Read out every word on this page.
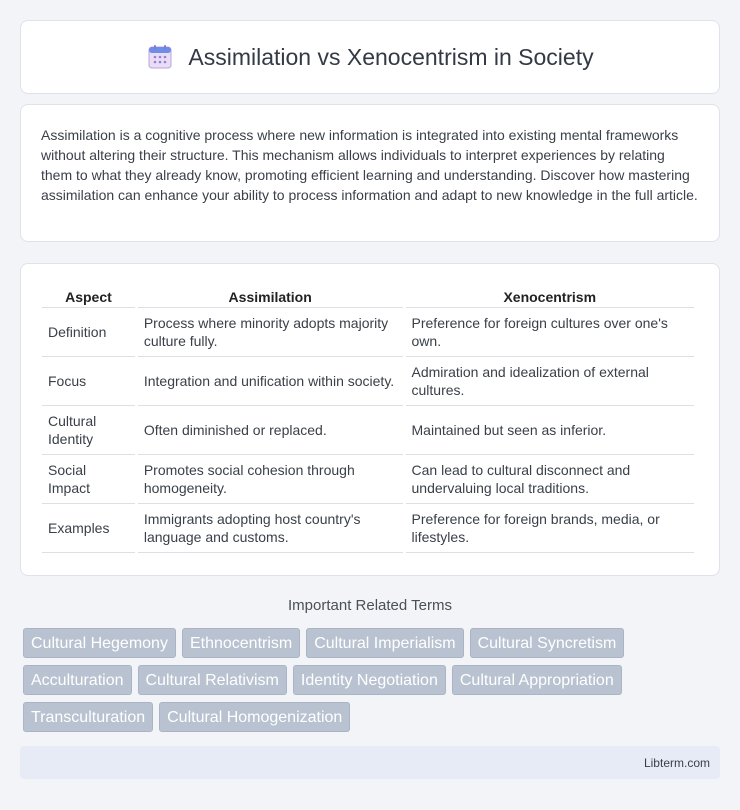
Assimilation vs Xenocentrism in Society

Assimilation is a cognitive process where new information is integrated into existing mental frameworks without altering their structure. This mechanism allows individuals to interpret experiences by relating them to what they already know, promoting efficient learning and understanding. Discover how mastering assimilation can enhance your ability to process information and adapt to new knowledge in the full article.

Aspect	Assimilation	Xenocentrism
Definition	Process where minority adopts majority culture fully.	Preference for foreign cultures over one's own.
Focus	Integration and unification within society.	Admiration and idealization of external cultures.
Cultural Identity	Often diminished or replaced.	Maintained but seen as inferior.
Social Impact	Promotes social cohesion through homogeneity.	Can lead to cultural disconnect and undervaluing local traditions.
Examples	Immigrants adopting host country's language and customs.	Preference for foreign brands, media, or lifestyles.
Important Related Terms
Cultural Hegemony	Ethnocentrism	Cultural Imperialism	Cultural Syncretism
Acculturation	Cultural Relativism	Identity Negotiation	Cultural Appropriation
Transculturation	Cultural Homogenization
Libterm.com
